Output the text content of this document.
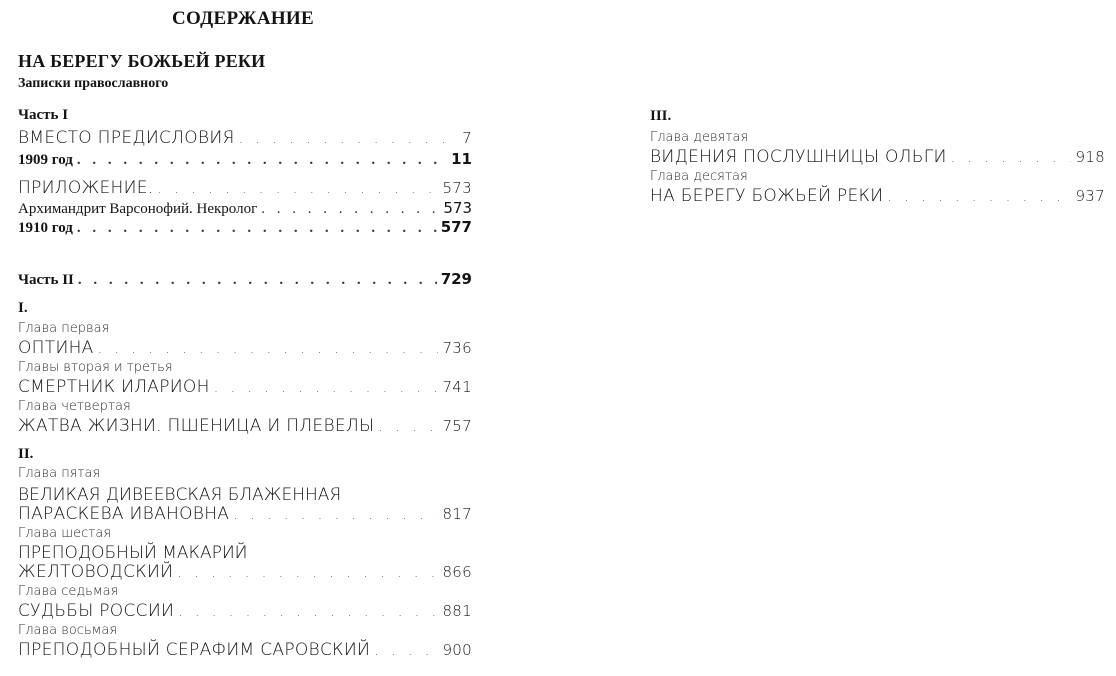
СОДЕРЖАНИЕ
НА БЕРЕГУ БОЖЬЕЙ РЕКИ
Записки православного
Часть I
ВМЕСТО ПРЕДИСЛОВИЯ . . .	7
1909 год . . .	11
ПРИЛОЖЕНИЕ. . . .	573
Архимандрит Варсонофий. Некролог . . .	573
1910 год . . .	577
Часть II . . .	729
I.
Глава первая
ОПТИНА . . .	736
Главы вторая и третья
СМЕРТНИК ИЛАРИОН . . .	741
Глава четвертая
ЖАТВА ЖИЗНИ. ПШЕНИЦА И ПЛЕВЕЛЫ . . .	757
II.
Глава пятая
ВЕЛИКАЯ ДИВЕЕВСКАЯ БЛАЖЕННАЯ
ПАРАСКЕВА ИВАНОВНА . . .	817
Глава шестая
ПРЕПОДОБНЫЙ МАКАРИЙ
ЖЕЛТОВОДСКИЙ . . .	866
Глава седьмая
СУДЬБЫ РОССИИ . . .	881
Глава восьмая
ПРЕПОДОБНЫЙ СЕРАФИМ САРОВСКИЙ . . .	900
III.
Глава девятая
ВИДЕНИЯ ПОСЛУШНИЦЫ ОЛЬГИ . . .	918
Глава десятая
НА БЕРЕГУ БОЖЬЕЙ РЕКИ . . .	937
